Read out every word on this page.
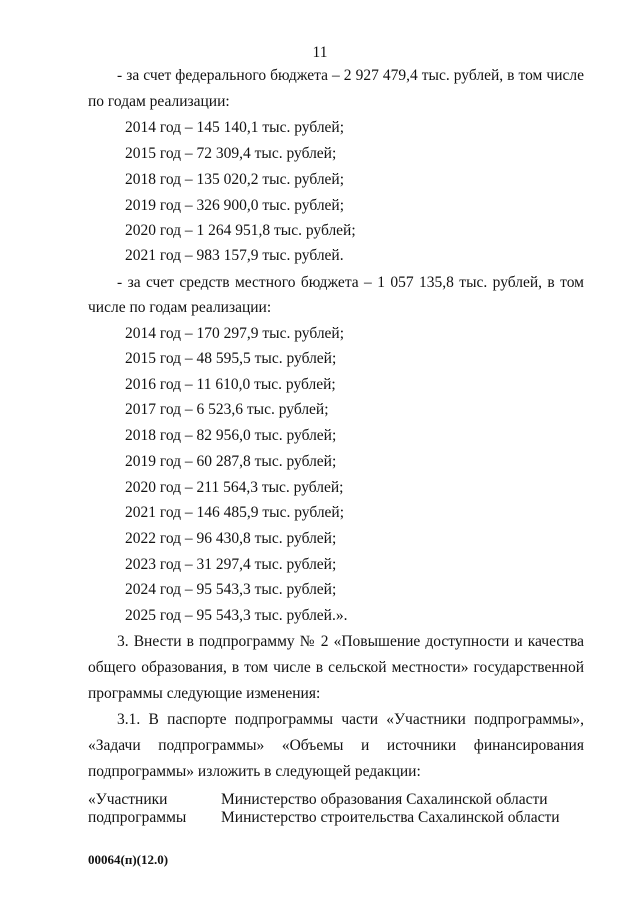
11
- за счет федерального бюджета – 2 927 479,4 тыс. рублей, в том числе
по годам реализации:
2014 год – 145 140,1 тыс. рублей;
2015 год – 72 309,4 тыс. рублей;
2018 год – 135 020,2 тыс. рублей;
2019 год – 326 900,0 тыс. рублей;
2020 год – 1 264 951,8 тыс. рублей;
2021 год – 983 157,9 тыс. рублей.
- за счет средств местного бюджета – 1 057 135,8 тыс. рублей, в том
числе по годам реализации:
2014 год – 170 297,9 тыс. рублей;
2015 год – 48 595,5 тыс. рублей;
2016 год – 11 610,0 тыс. рублей;
2017 год – 6 523,6 тыс. рублей;
2018 год – 82 956,0 тыс. рублей;
2019 год – 60 287,8 тыс. рублей;
2020 год – 211 564,3 тыс. рублей;
2021 год – 146 485,9 тыс. рублей;
2022 год – 96 430,8 тыс. рублей;
2023 год – 31 297,4 тыс. рублей;
2024 год – 95 543,3 тыс. рублей;
2025 год – 95 543,3 тыс. рублей.».
3. Внести в подпрограмму № 2 «Повышение доступности и качества
общего образования, в том числе в сельской местности» государственной
программы следующие изменения:
3.1. В паспорте подпрограммы части «Участники подпрограммы»,
«Задачи подпрограммы» «Объемы и источники финансирования
подпрограммы» изложить в следующей редакции:
«Участники
подпрограммы
Министерство образования Сахалинской области
Министерство строительства Сахалинской области
00064(п)(12.0)
